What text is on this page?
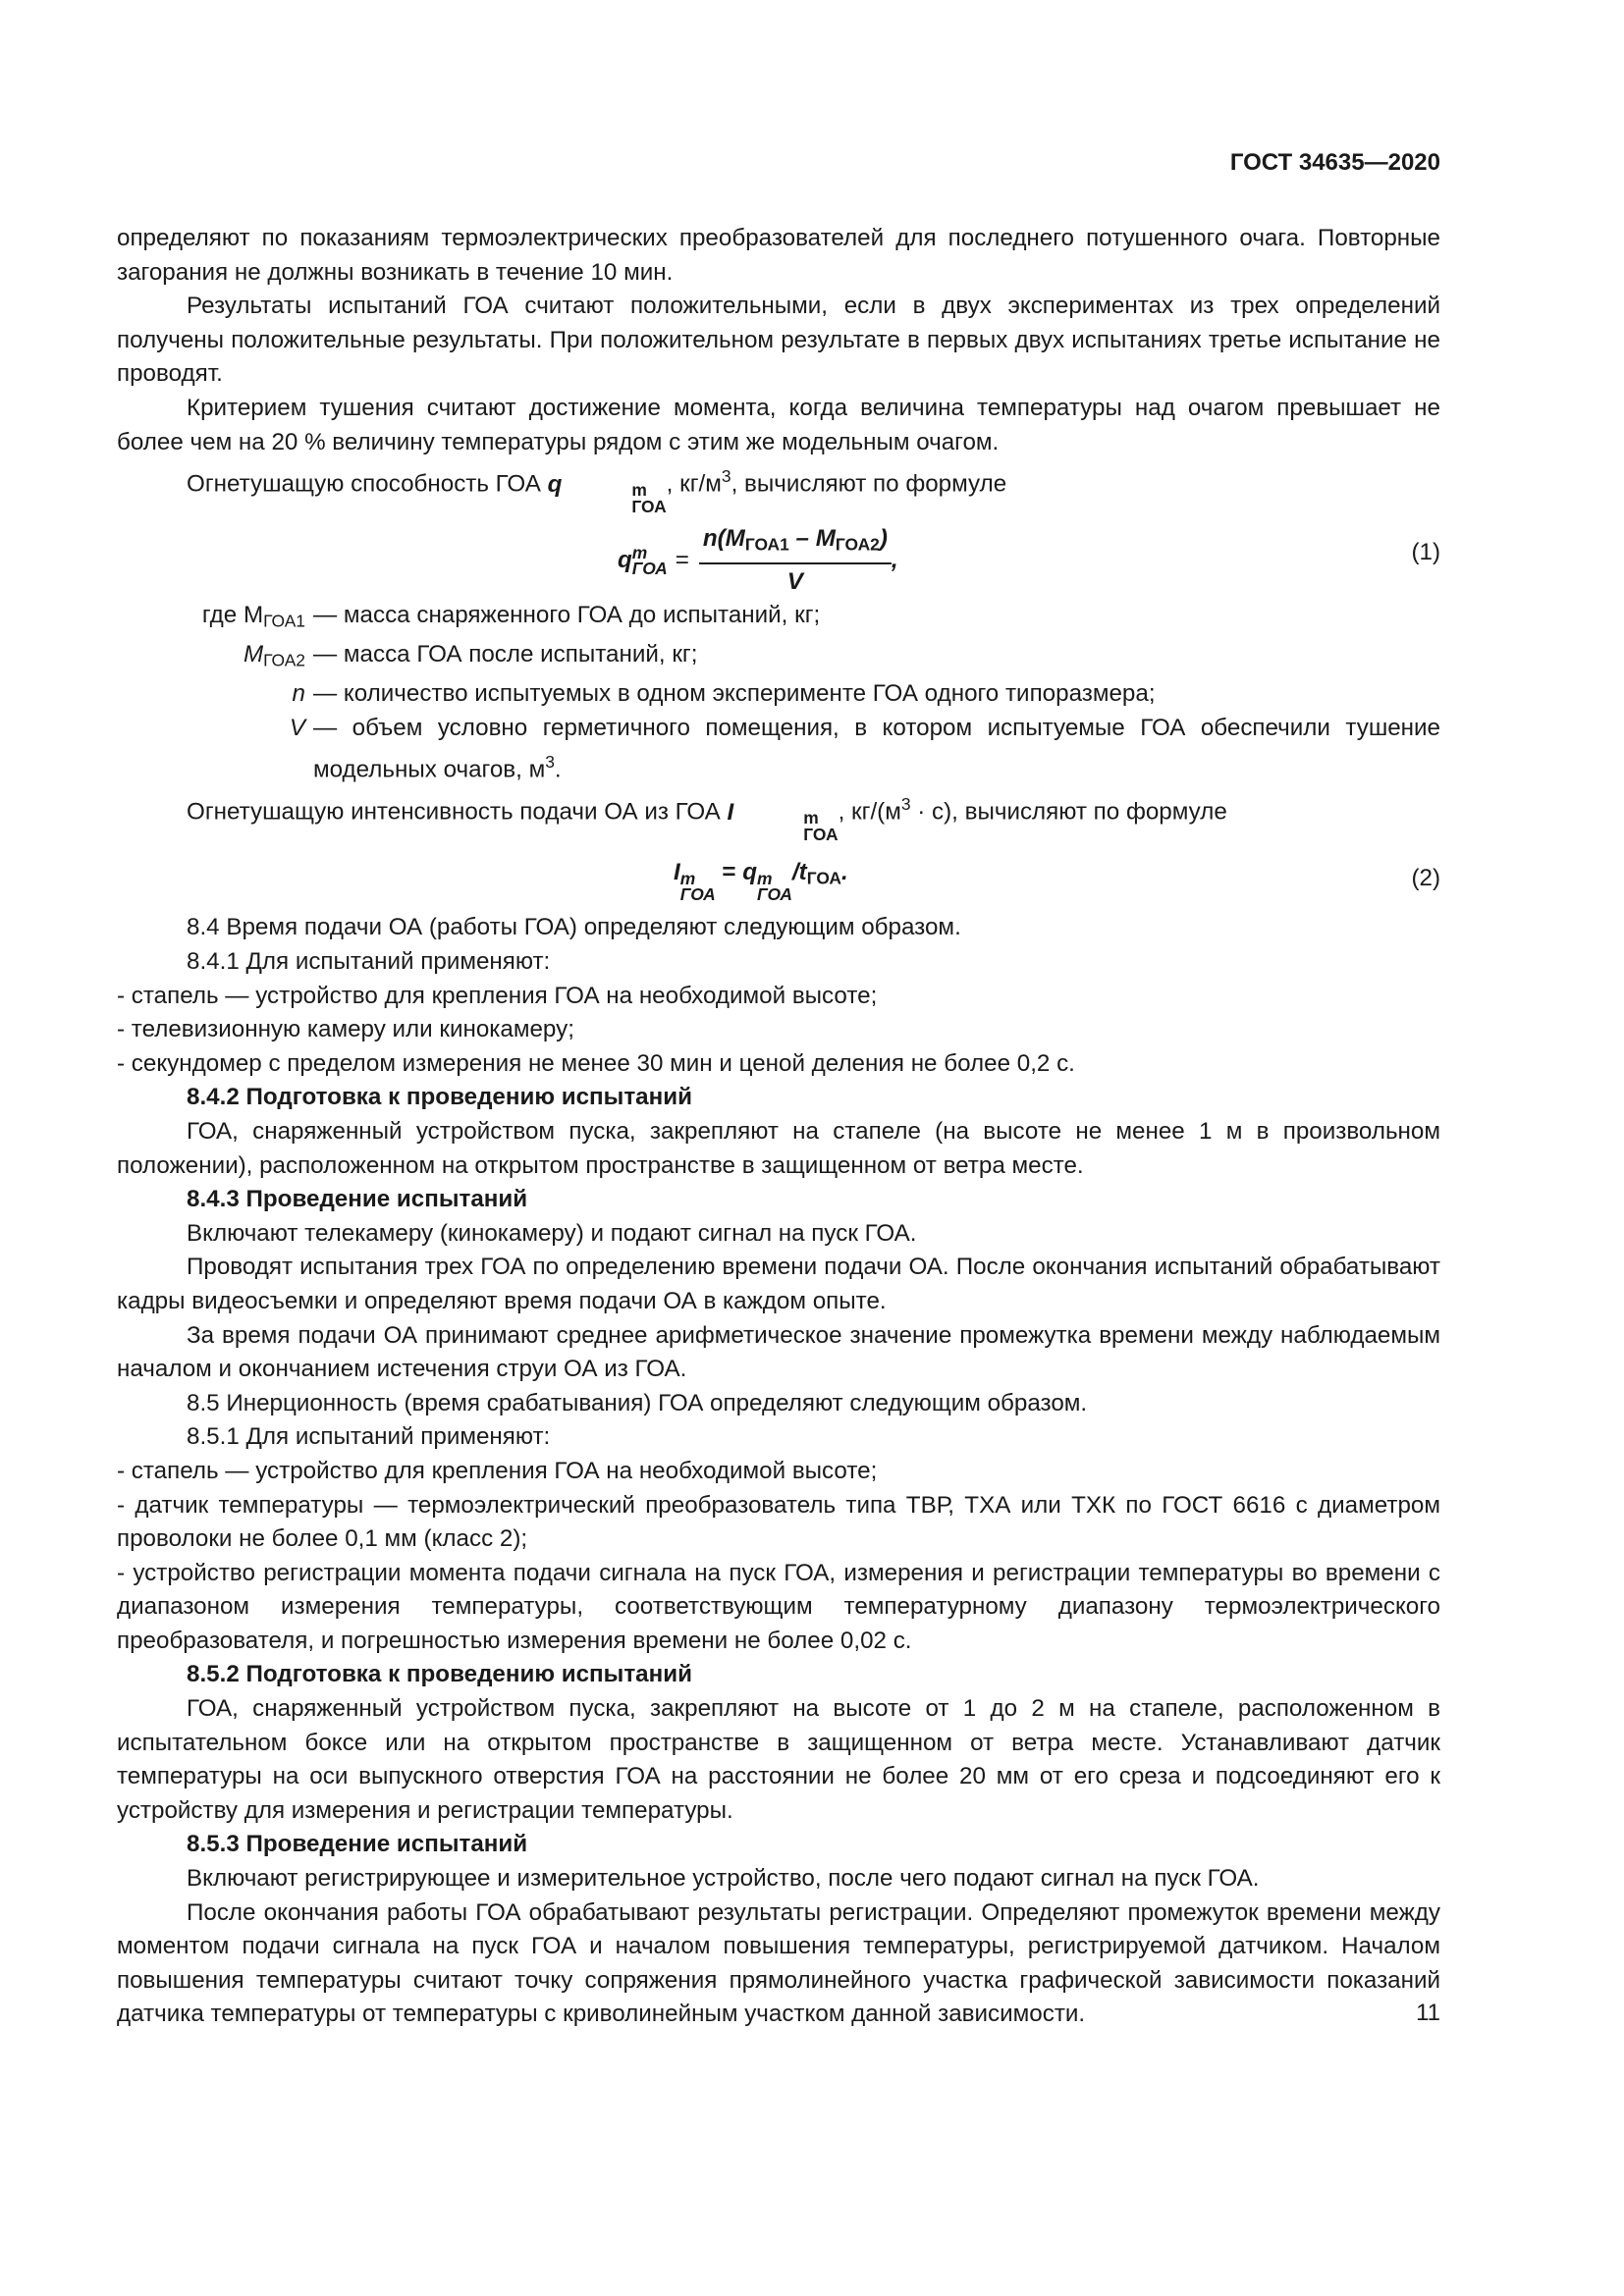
ГОСТ 34635—2020

определяют по показаниям термоэлектрических преобразователей для последнего потушенного очага. Повторные загорания не должны возникать в течение 10 мин.

Результаты испытаний ГОА считают положительными, если в двух экспериментах из трех определений получены положительные результаты. При положительном результате в первых двух испытаниях третье испытание не проводят.

Критерием тушения считают достижение момента, когда величина температуры над очагом превышает не более чем на 20 % величину температуры рядом с этим же модельным очагом.

Огнетушащую способность ГОА q	m
ГОА
, $кг/м^3$, вычисляют по формуле

q m
ГОА = $\frac{n(M_{ГОА1} - M_{ГОА2})}{V}$ ,	(1)
где $M_{ГОА1}$ — масса снаряженного ГОА до испытаний, кг;
$M_{ГОА2}$ — масса ГОА после испытаний, кг;
n — количество испытуемых в одном эксперименте ГОА одного типоразмера;
V — объем условно герметичного помещения, в котором испытуемые ГОА обеспечили тушение модельных очагов, $м^3$.

Огнетушащую интенсивность подачи ОА из ГОА I	m
ГОА
, $кг/(м^3 \cdot с)$, вычисляют по формуле

I m
ГОА
= q m
ГОА
$/t_{ГОА}$.	(2)

8.4 Время подачи ОА (работы ГОА) определяют следующим образом.

8.4.1 Для испытаний применяют:

- стапель — устройство для крепления ГОА на необходимой высоте;

- телевизионную камеру или кинокамеру;

- секундомер с пределом измерения не менее 30 мин и ценой деления не более 0,2 с.

8.4.2 Подготовка к проведению испытаний

ГОА, снаряженный устройством пуска, закрепляют на стапеле (на высоте не менее 1 м в произвольном положении), расположенном на открытом пространстве в защищенном от ветра месте.

8.4.3 Проведение испытаний

Включают телекамеру (кинокамеру) и подают сигнал на пуск ГОА.

Проводят испытания трех ГОА по определению времени подачи ОА. После окончания испытаний обрабатывают кадры видеосъемки и определяют время подачи ОА в каждом опыте.

За время подачи ОА принимают среднее арифметическое значение промежутка времени между наблюдаемым началом и окончанием истечения струи ОА из ГОА.

8.5 Инерционность (время срабатывания) ГОА определяют следующим образом.

8.5.1 Для испытаний применяют:

- стапель — устройство для крепления ГОА на необходимой высоте;

- датчик температуры — термоэлектрический преобразователь типа ТВР, ТХА или ТХК по ГОСТ 6616 с диаметром проволоки не более 0,1 мм (класс 2);

- устройство регистрации момента подачи сигнала на пуск ГОА, измерения и регистрации температуры во времени с диапазоном измерения температуры, соответствующим температурному диапазону термоэлектрического преобразователя, и погрешностью измерения времени не более 0,02 с.

8.5.2 Подготовка к проведению испытаний

ГОА, снаряженный устройством пуска, закрепляют на высоте от 1 до 2 м на стапеле, расположенном в испытательном боксе или на открытом пространстве в защищенном от ветра месте. Устанавливают датчик температуры на оси выпускного отверстия ГОА на расстоянии не более 20 мм от его среза и подсоединяют его к устройству для измерения и регистрации температуры.

8.5.3 Проведение испытаний

Включают регистрирующее и измерительное устройство, после чего подают сигнал на пуск ГОА.

После окончания работы ГОА обрабатывают результаты регистрации. Определяют промежуток времени между моментом подачи сигнала на пуск ГОА и началом повышения температуры, регистрируемой датчиком. Началом повышения температуры считают точку сопряжения прямолинейного участка графической зависимости показаний датчика температуры от температуры с криволинейным участком данной зависимости.	11
